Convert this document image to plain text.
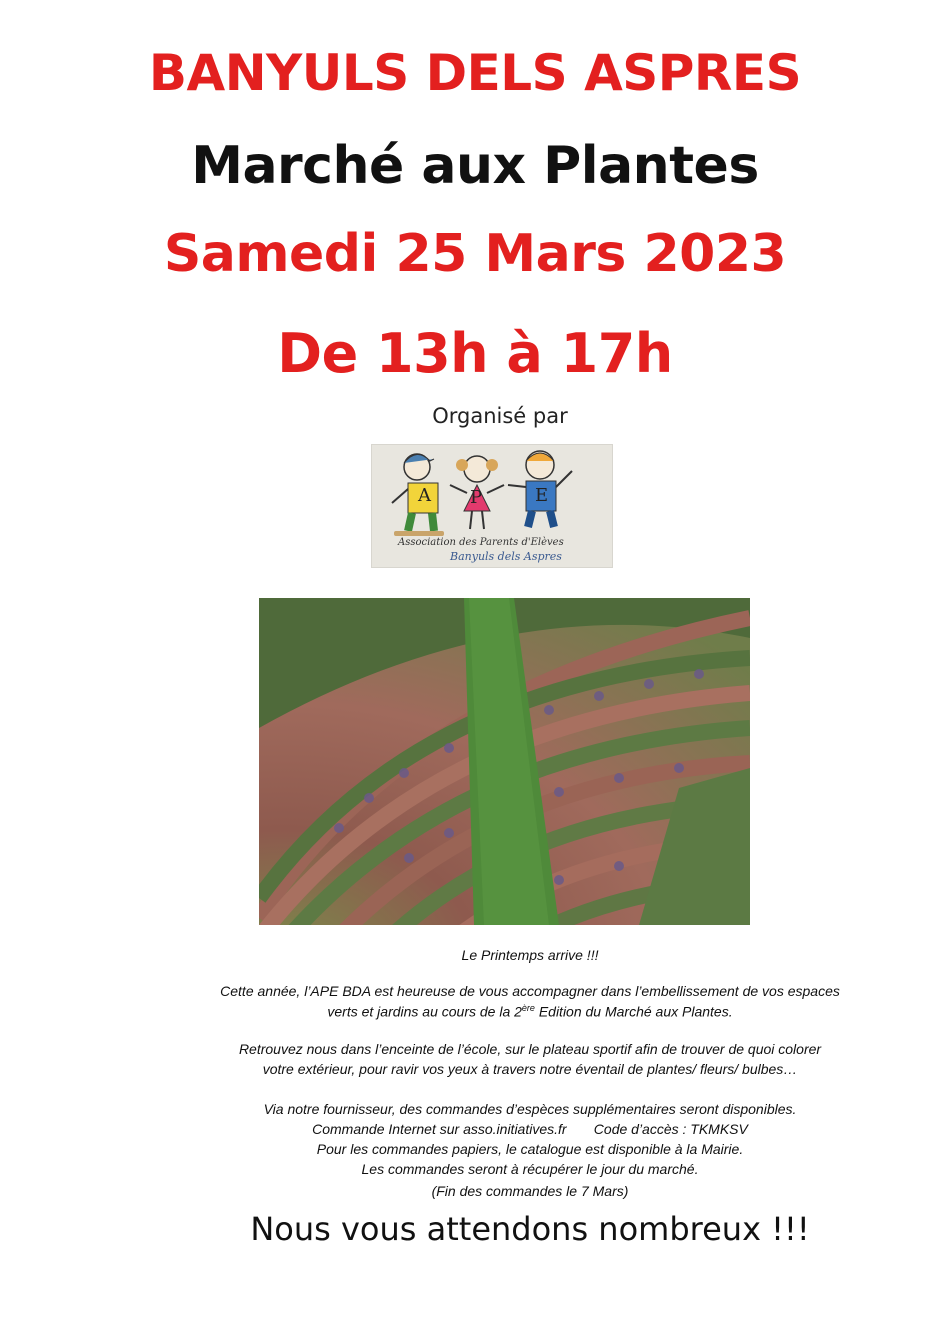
BANYULS DELS ASPRES
Marché aux Plantes
Samedi 25 Mars 2023
De 13h à 17h
Organisé par
A P	E
Association des Parents d'Elèves
Banyuls dels Aspres
Le Printemps arrive !!!
Cette année, l’APE BDA est heureuse de vous accompagner dans l’embellissement de vos espaces
verts et jardins au cours de la 2ère Edition du Marché aux Plantes.
Retrouvez nous dans l’enceinte de l’école, sur le plateau sportif afin de trouver de quoi colorer
votre extérieur, pour ravir vos yeux à travers notre éventail de plantes/ fleurs/ bulbes…
Via notre fournisseur, des commandes d’espèces supplémentaires seront disponibles.
Commande Internet sur asso.initiatives.fr       Code d’accès : TKMKSV
Pour les commandes papiers, le catalogue est disponible à la Mairie.
Les commandes seront à récupérer le jour du marché.
(Fin des commandes le 7 Mars)
Nous vous attendons nombreux !!!
